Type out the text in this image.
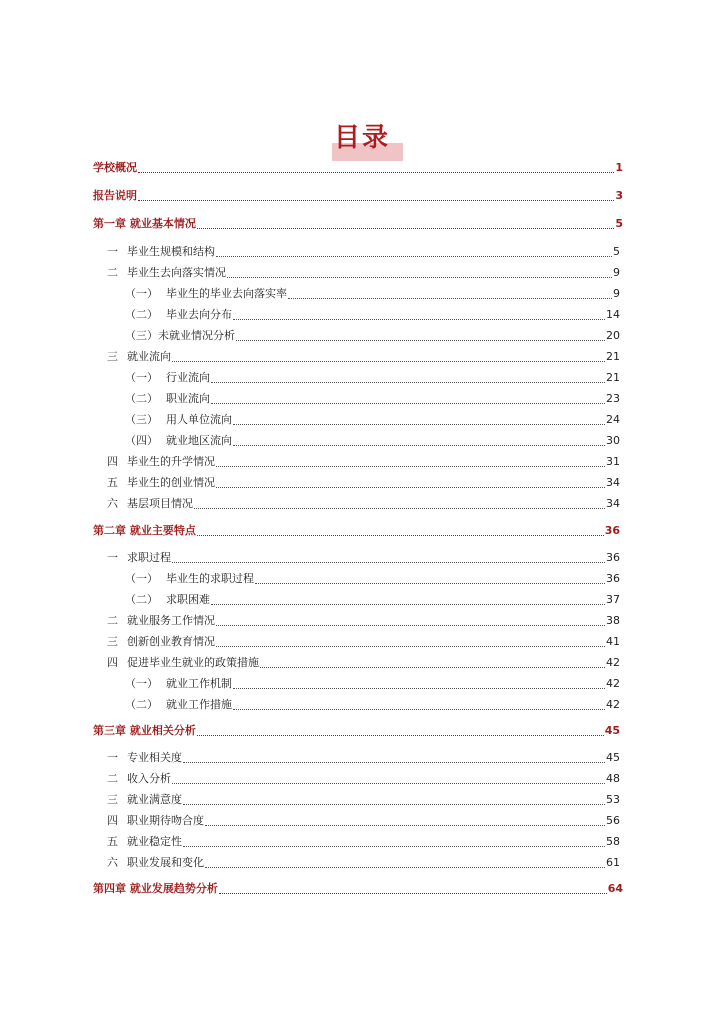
目录
学校概况	1
报告说明	3
第一章 就业基本情况	5
一 毕业生规模和结构	5
二 毕业生去向落实情况	9
（一） 毕业生的毕业去向落实率	9
（二） 毕业去向分布	14
（三）未就业情况分析	20
三 就业流向	21
（一） 行业流向	21
（二） 职业流向	23
（三） 用人单位流向	24
（四） 就业地区流向	30
四 毕业生的升学情况	31
五 毕业生的创业情况	34
六 基层项目情况	34
第二章 就业主要特点	36
一 求职过程	36
（一） 毕业生的求职过程	36
（二） 求职困难	37
二 就业服务工作情况	38
三 创新创业教育情况	41
四 促进毕业生就业的政策措施	42
（一） 就业工作机制	42
（二） 就业工作措施	42
第三章 就业相关分析	45
一 专业相关度	45
二 收入分析	48
三 就业满意度	53
四 职业期待吻合度	56
五 就业稳定性	58
六 职业发展和变化	61
第四章 就业发展趋势分析	64
